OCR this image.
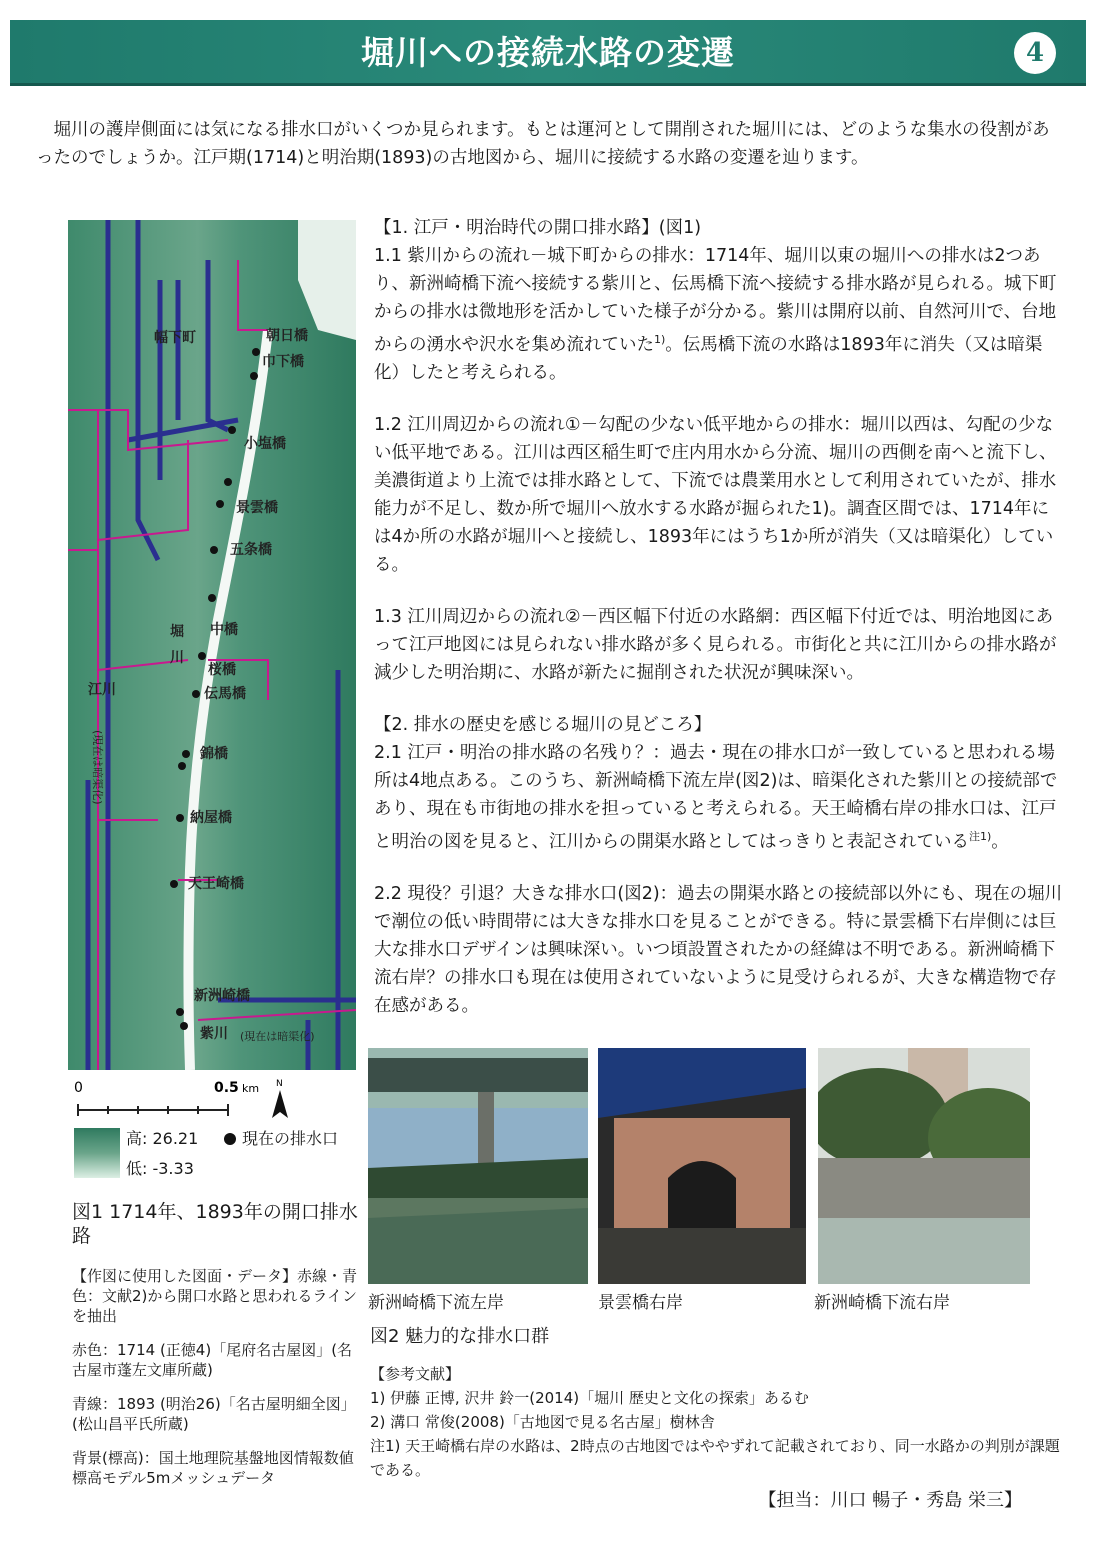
堀川への接続水路の変遷	4

堀川の護岸側面には気になる排水口がいくつか見られます。もとは運河として開削された堀川には、どのような集水の役割があったのでしょうか。江戸期(1714)と明治期(1893)の古地図から、堀川に接続する水路の変遷を辿ります。

幅下町	朝日橋
巾下橋
小塩橋
景雲橋
五条橋
堀
川
中橋
桜橋
伝馬橋
錦橋
納屋橋
天王崎橋
新洲崎橋
紫川 (現在は暗渠化)
江川
(現在は暗渠化)
0	0.5 km N
高: 26.21
低: -3.33
現在の排水口
図1 1714年、1893年の開口排水路

【作図に使用した図面・データ】赤線・青色：文献2)から開口水路と思われるラインを抽出

赤色：1714 (正徳4)「尾府名古屋図」(名古屋市蓬左文庫所蔵)

青線：1893 (明治26)「名古屋明細全図」(松山昌平氏所蔵)

背景(標高)：国土地理院基盤地図情報数値標高モデル5mメッシュデータ

【1. 江戸・明治時代の開口排水路】(図1)

1.1 紫川からの流れ－城下町からの排水：1714年、堀川以東の堀川への排水は2つあり、新洲崎橋下流へ接続する紫川と、伝馬橋下流へ接続する排水路が見られる。城下町からの排水は微地形を活かしていた様子が分かる。紫川は開府以前、自然河川で、台地からの湧水や沢水を集め流れていた$^{1)}$。伝馬橋下流の水路は1893年に消失（又は暗渠化）したと考えられる。

1.2 江川周辺からの流れ①－勾配の少ない低平地からの排水：堀川以西は、勾配の少ない低平地である。江川は西区稲生町で庄内用水から分流、堀川の西側を南へと流下し、美濃街道より上流では排水路として、下流では農業用水として利用されていたが、排水能力が不足し、数か所で堀川へ放水する水路が掘られた1)。調査区間では、1714年には4か所の水路が堀川へと接続し、1893年にはうち1か所が消失（又は暗渠化）している。

1.3 江川周辺からの流れ②－西区幅下付近の水路網：西区幅下付近では、明治地図にあって江戸地図には見られない排水路が多く見られる。市街化と共に江川からの排水路が減少した明治期に、水路が新たに掘削された状況が興味深い。

【2. 排水の歴史を感じる堀川の見どころ】

2.1 江戸・明治の排水路の名残り？：過去・現在の排水口が一致していると思われる場所は4地点ある。このうち、新洲崎橋下流左岸(図2)は、暗渠化された紫川との接続部であり、現在も市街地の排水を担っていると考えられる。天王崎橋右岸の排水口は、江戸と明治の図を見ると、江川からの開渠水路としてはっきりと表記されている$^{注1)}$。

2.2 現役？引退？大きな排水口(図2)：過去の開渠水路との接続部以外にも、現在の堀川で潮位の低い時間帯には大きな排水口を見ることができる。特に景雲橋下右岸側には巨大な排水口デザインは興味深い。いつ頃設置されたかの経緯は不明である。新洲崎橋下流右岸？の排水口も現在は使用されていないように見受けられるが、大きな構造物で存在感がある。

新洲崎橋下流左岸	景雲橋右岸	新洲崎橋下流右岸
図2 魅力的な排水口群

【参考文献】

1) 伊藤 正博, 沢井 鈴一(2014)「堀川 歴史と文化の探索」あるむ

2) 溝口 常俊(2008)「古地図で見る名古屋」樹林舎

注1) 天王崎橋右岸の水路は、2時点の古地図ではややずれて記載されており、同一水路かの判別が課題である。

【担当：川口 暢子・秀島 栄三】
